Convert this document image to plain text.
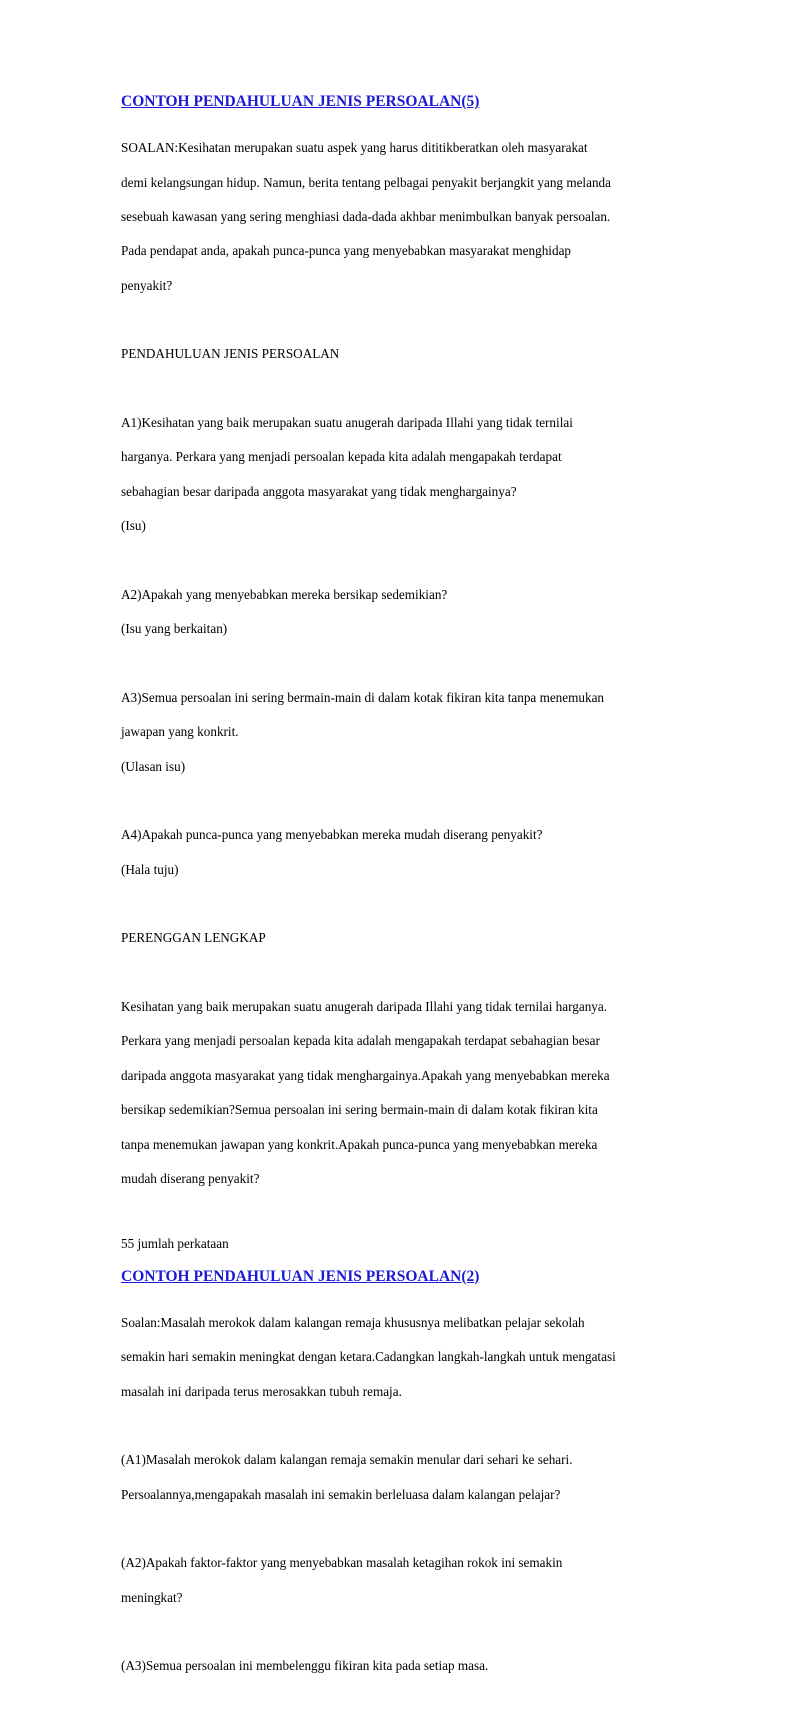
CONTOH PENDAHULUAN JENIS PERSOALAN(5)

SOALAN:Kesihatan merupakan suatu aspek yang harus dititikberatkan oleh masyarakat

demi kelangsungan hidup. Namun, berita tentang pelbagai penyakit berjangkit yang melanda

sesebuah kawasan yang sering menghiasi dada-dada akhbar menimbulkan banyak persoalan.

Pada pendapat anda, apakah punca-punca yang menyebabkan masyarakat menghidap

penyakit?

PENDAHULUAN JENIS PERSOALAN

A1)Kesihatan yang baik merupakan suatu anugerah daripada Illahi yang tidak ternilai

harganya. Perkara yang menjadi persoalan kepada kita adalah mengapakah terdapat

sebahagian besar daripada anggota masyarakat yang tidak menghargainya?

(Isu)

A2)Apakah yang menyebabkan mereka bersikap sedemikian?

(Isu yang berkaitan)

A3)Semua persoalan ini sering bermain-main di dalam kotak fikiran kita tanpa menemukan

jawapan yang konkrit.

(Ulasan isu)

A4)Apakah punca-punca yang menyebabkan mereka mudah diserang penyakit?

(Hala tuju)

PERENGGAN LENGKAP

Kesihatan yang baik merupakan suatu anugerah daripada Illahi yang tidak ternilai harganya.

Perkara yang menjadi persoalan kepada kita adalah mengapakah terdapat sebahagian besar

daripada anggota masyarakat yang tidak menghargainya.Apakah yang menyebabkan mereka

bersikap sedemikian?Semua persoalan ini sering bermain-main di dalam kotak fikiran kita

tanpa menemukan jawapan yang konkrit.Apakah punca-punca yang menyebabkan mereka

mudah diserang penyakit?

55 jumlah perkataan
CONTOH PENDAHULUAN JENIS PERSOALAN(2)

Soalan:Masalah merokok dalam kalangan remaja khususnya melibatkan pelajar sekolah

semakin hari semakin meningkat dengan ketara.Cadangkan langkah-langkah untuk mengatasi

masalah ini daripada terus merosakkan tubuh remaja.

(A1)Masalah merokok dalam kalangan remaja semakin menular dari sehari ke sehari.

Persoalannya,mengapakah masalah ini semakin berleluasa dalam kalangan pelajar?

(A2)Apakah faktor-faktor yang menyebabkan masalah ketagihan rokok ini semakin

meningkat?

(A3)Semua persoalan ini membelenggu fikiran kita pada setiap masa.
